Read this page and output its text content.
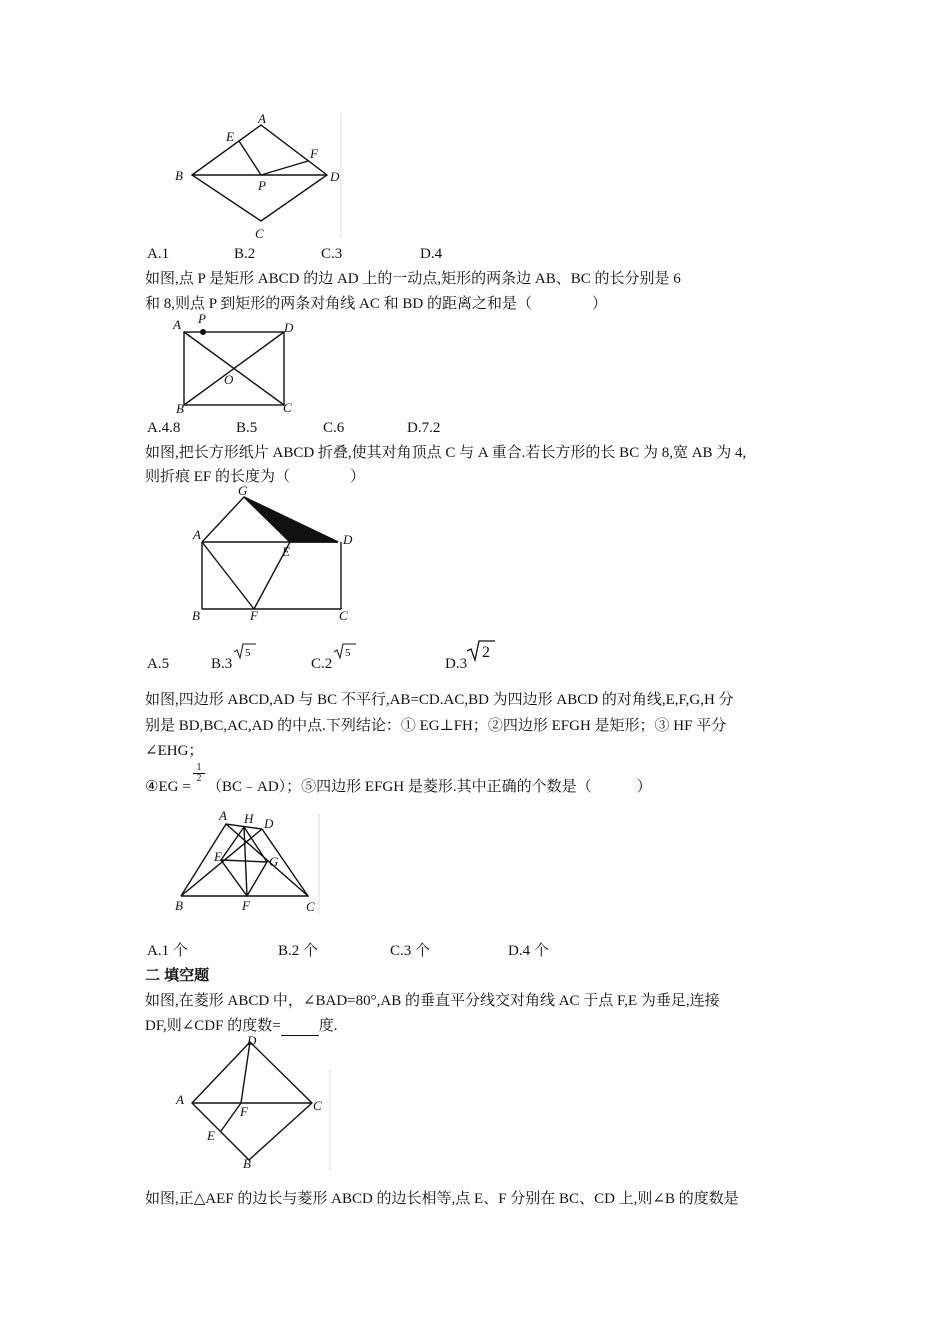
A
E
F
B
P
D
C
A.1	B.2	C.3	D.4
如图,点 P 是矩形 ABCD 的边 AD 上的一动点,矩形的两条边 AB、BC 的长分别是 6
和 8,则点 P 到矩形的两条对角线 AC 和 BD 的距离之和是（　　　　）
A P
D
O
B	C
A.4.8	B.5	C.6	D.7.2
如图,把长方形纸片 ABCD 折叠,使其对角顶点 C 与 A 重合.若长方形的长 BC 为 8,宽 AB 为 4,
则折痕 EF 的长度为（　　　　）
G
A
E
D
B	F	C
A.5	B.3
5
C.2
5
D.3
2
如图,四边形 ABCD,AD 与 BC 不平行,AB=CD.AC,BD 为四边形 ABCD 的对角线,E,F,G,H 分
别是 BD,BC,AC,AD 的中点.下列结论：① EG⊥FH；②四边形 EFGH 是矩形；③ HF 平分
∠EHG；
④EG =
$\frac{1}{2}$
（BC﹣AD）；⑤四边形 EFGH 是菱形.其中正确的个数是（　　　）
A H D
E	G
B	F	C
A.1 个	B.2 个	C.3 个	D.4 个
二 填空题
如图,在菱形 ABCD 中，∠BAD=80°,AB 的垂直平分线交对角线 AC 于点 F,E 为垂足,连接
DF,则∠CDF 的度数=	度.
D
A	C
F
E
B
如图,正△AEF 的边长与菱形 ABCD 的边长相等,点 E、F 分别在 BC、CD 上,则∠B 的度数是
